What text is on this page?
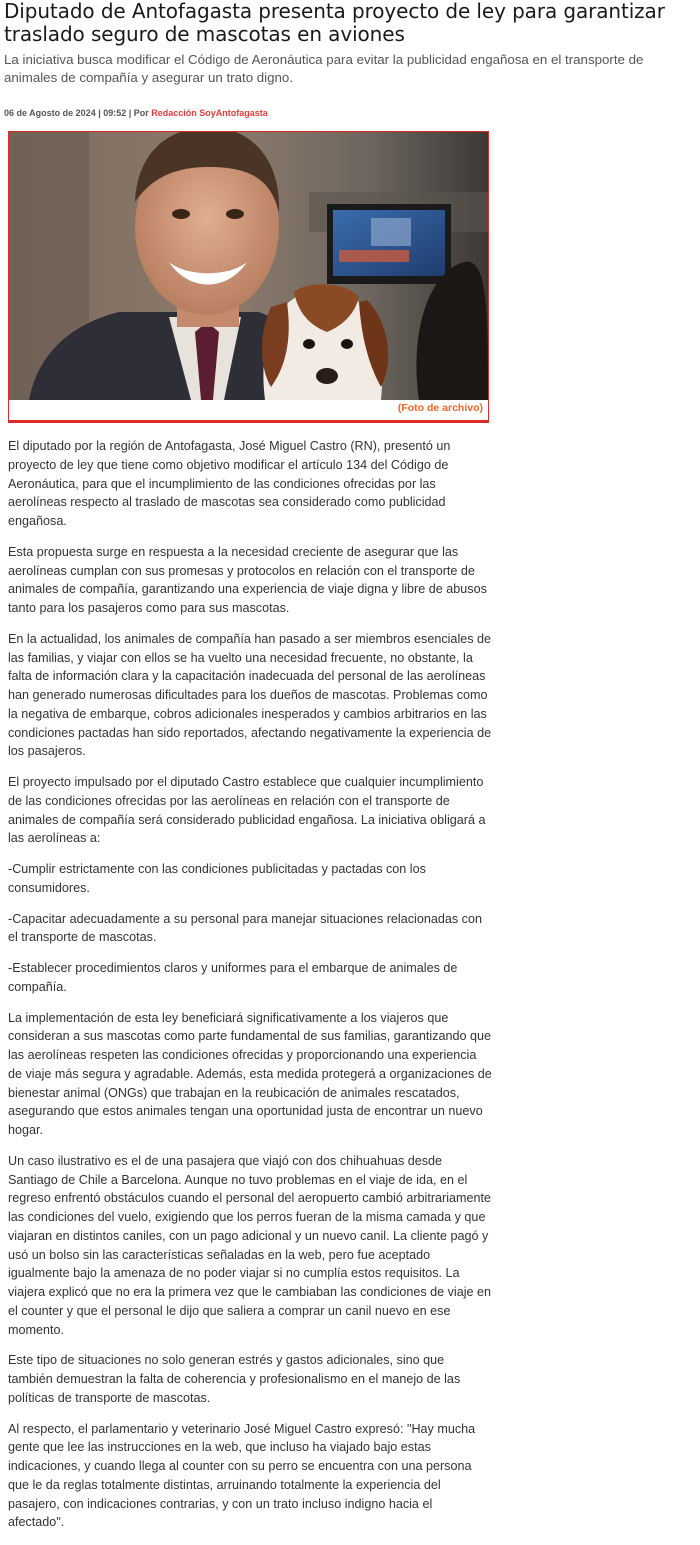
Diputado de Antofagasta presenta proyecto de ley para garantizar traslado seguro de mascotas en aviones

La iniciativa busca modificar el Código de Aeronáutica para evitar la publicidad engañosa en el transporte de animales de compañía y asegurar un trato digno.

06 de Agosto de 2024 | 09:52 | Por Redacción SoyAntofagasta
(Foto de archivo)

El diputado por la región de Antofagasta, José Miguel Castro (RN), presentó un proyecto de ley que tiene como objetivo modificar el artículo 134 del Código de Aeronáutica, para que el incumplimiento de las condiciones ofrecidas por las aerolíneas respecto al traslado de mascotas sea considerado como publicidad engañosa.

Esta propuesta surge en respuesta a la necesidad creciente de asegurar que las aerolíneas cumplan con sus promesas y protocolos en relación con el transporte de animales de compañía, garantizando una experiencia de viaje digna y libre de abusos tanto para los pasajeros como para sus mascotas.

En la actualidad, los animales de compañía han pasado a ser miembros esenciales de las familias, y viajar con ellos se ha vuelto una necesidad frecuente, no obstante, la falta de información clara y la capacitación inadecuada del personal de las aerolíneas han generado numerosas dificultades para los dueños de mascotas. Problemas como la negativa de embarque, cobros adicionales inesperados y cambios arbitrarios en las condiciones pactadas han sido reportados, afectando negativamente la experiencia de los pasajeros.

El proyecto impulsado por el diputado Castro establece que cualquier incumplimiento de las condiciones ofrecidas por las aerolíneas en relación con el transporte de animales de compañía será considerado publicidad engañosa. La iniciativa obligará a las aerolíneas a:

-Cumplir estrictamente con las condiciones publicitadas y pactadas con los consumidores.

-Capacitar adecuadamente a su personal para manejar situaciones relacionadas con el transporte de mascotas.

-Establecer procedimientos claros y uniformes para el embarque de animales de compañía.

La implementación de esta ley beneficiará significativamente a los viajeros que consideran a sus mascotas como parte fundamental de sus familias, garantizando que las aerolíneas respeten las condiciones ofrecidas y proporcionando una experiencia de viaje más segura y agradable. Además, esta medida protegerá a organizaciones de bienestar animal (ONGs) que trabajan en la reubicación de animales rescatados, asegurando que estos animales tengan una oportunidad justa de encontrar un nuevo hogar.

Un caso ilustrativo es el de una pasajera que viajó con dos chihuahuas desde Santiago de Chile a Barcelona. Aunque no tuvo problemas en el viaje de ida, en el regreso enfrentó obstáculos cuando el personal del aeropuerto cambió arbitrariamente las condiciones del vuelo, exigiendo que los perros fueran de la misma camada y que viajaran en distintos caniles, con un pago adicional y un nuevo canil. La cliente pagó y usó un bolso sin las características señaladas en la web, pero fue aceptado igualmente bajo la amenaza de no poder viajar si no cumplía estos requisitos. La viajera explicó que no era la primera vez que le cambiaban las condiciones de viaje en el counter y que el personal le dijo que saliera a comprar un canil nuevo en ese momento.

Este tipo de situaciones no solo generan estrés y gastos adicionales, sino que también demuestran la falta de coherencia y profesionalismo en el manejo de las políticas de transporte de mascotas.

Al respecto, el parlamentario y veterinario José Miguel Castro expresó: "Hay mucha gente que lee las instrucciones en la web, que incluso ha viajado bajo estas indicaciones, y cuando llega al counter con su perro se encuentra con una persona que le da reglas totalmente distintas, arruinando totalmente la experiencia del pasajero, con indicaciones contrarias, y con un trato incluso indigno hacia el afectado".
